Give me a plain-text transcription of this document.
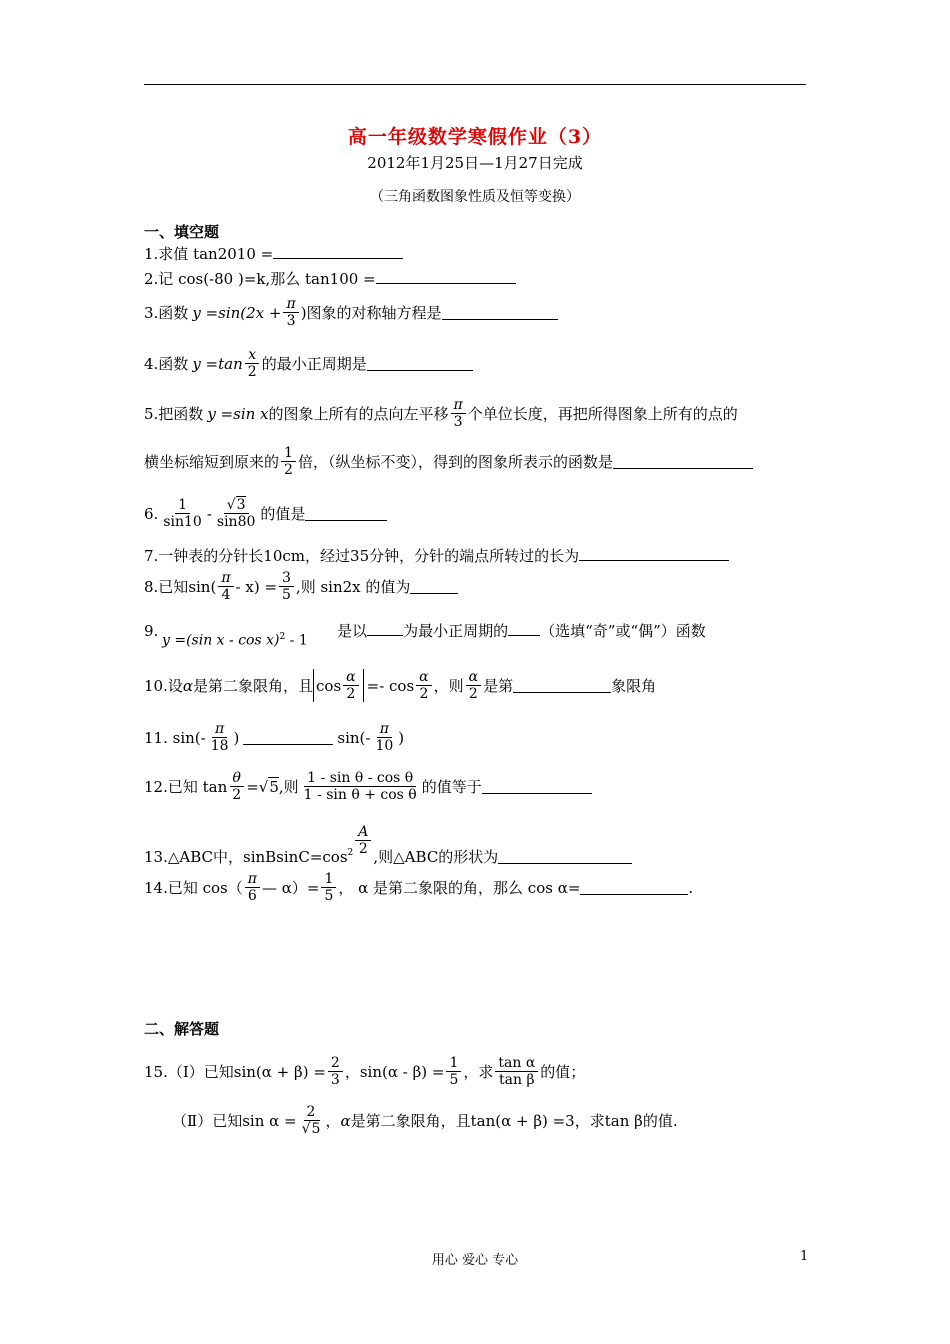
高一年级数学寒假作业（3）
2012年1月25日—1月27日完成
（三角函数图象性质及恒等变换）
一、填空题
1.求值 tan2010 =
2.记 cos(-80 )=k,那么 tan100 =
3.函数 $y =\sin(2x + \frac{\pi}{3}$ ) 图象的对称轴方程是
4.函数 $y =\tan \frac{x}{2}$ 的最小正周期是
5.把函数 y =sin x 的图象上所有的点向左平移 $\frac{\pi}{3}$ 个单位长度，再把所得图象上所有的点的
横坐标缩短到原来的 $\frac{1}{2}$ 倍，（纵坐标不变），得到的图象所表示的函数是
6. $\frac{1}{\sin 10} - \frac{√3}{\sin 80}$ 的值是
7.一钟表的分针长10cm，经过35分钟，分针的端点所转过的长为
8.已知 $\sin( \frac{\pi}{4} - x) = \frac{3}{5}$ ,则 sin2x 的值为
9.	是以 为最小正周期的 （选填“奇”或“偶”）函数
y =(sin x - cos x)$^2$ - 1
10.设 α 是第二象限角，且 $\cos \frac{\alpha}{2} =- \cos \frac{\alpha}{2}$ ，则 $\frac{\alpha}{2}$ 是第	象限角
11. $\sin(- \frac{\pi}{18}$ )	$\sin(- \frac{\pi}{10}$ )
12.已知 $\tan \frac{\theta}{2} = √5$ ,则 $\frac{\text{1 - sin θ - cos θ}}{\text{1 - sin θ + cos θ}}$ 的值等于
13.△ABC中，$sinBsinC=\cos^2 \frac{A}{2}$ ,则△ABC的形状为
14.已知 $\cos( \frac{\pi}{6}$ — $\alpha)= \frac{1}{5}$ ， α 是第二象限的角，那么 cos α=	.
二、解答题
15.（Ⅰ）已知 $\sin(\alpha + \beta) = \frac{2}{3}$ ， $\sin(\alpha - \beta) = \frac{1}{5}$ ，求 $\frac{\text{tan α}}{\text{tan β}}$ 的值；
（Ⅱ）已知 $\sin \alpha = \frac{2}{√5}$ ， α 是第二象限角，且 tan(α + β) =3 ，求 tan β 的值.
用心 爱心 专心	1
